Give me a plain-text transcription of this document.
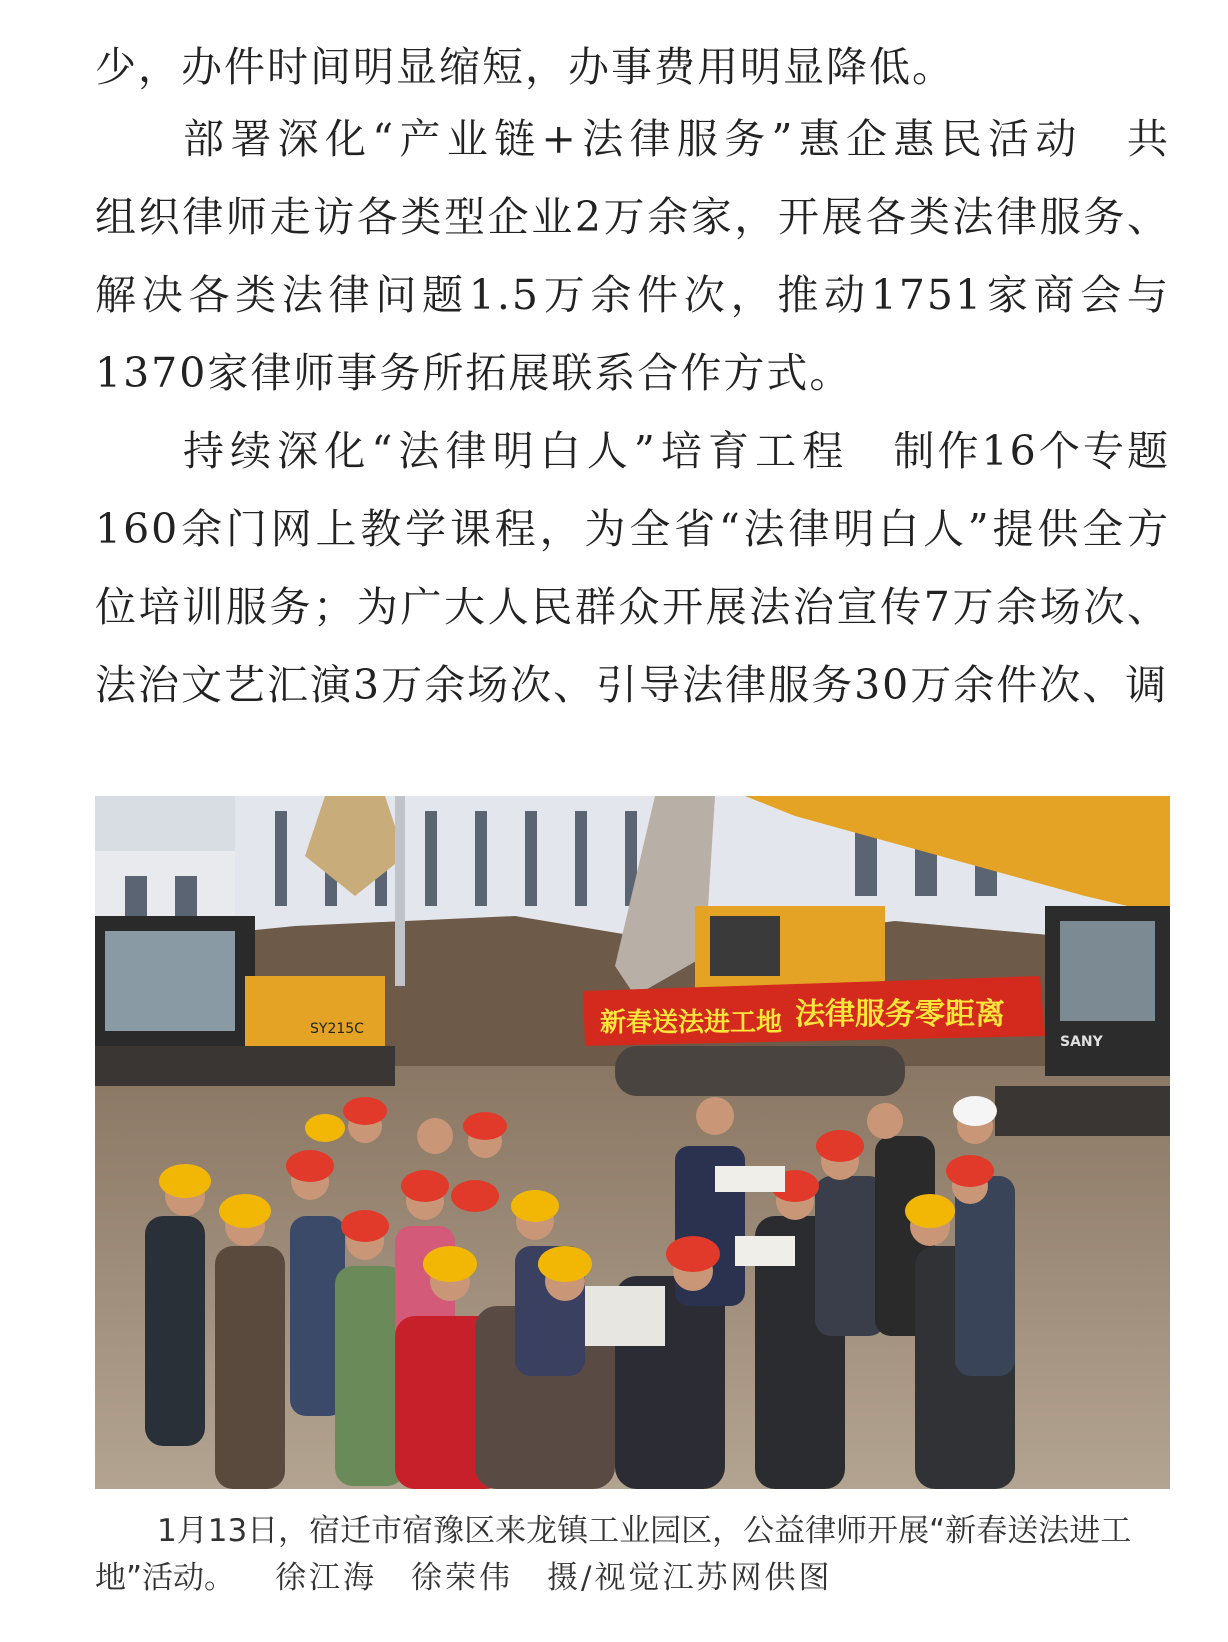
少，办件时间明显缩短，办事费用明显降低。

部署深化“产业链+法律服务”惠企惠民活动　 共组织律师走访各类型企业2万余家，开展各类法律服务、解决各类法律问题1.5万余件次，推动1751家商会与1370家律师事务所拓展联系合作方式。

持续深化“法律明白人”培育工程　 制作16个专题160余门网上教学课程，为全省“法律明白人”提供全方位培训服务；为广大人民群众开展法治宣传7万余场次、法治文艺汇演3万余场次、引导法律服务30万余件次、调

SY215C
SANY
新春送法进工地 法律服务零距离

1月13日，宿迁市宿豫区来龙镇工业园区，公益律师开展“新春送法进工地”活动。 徐江海　徐荣伟　摄/视觉江苏网供图
